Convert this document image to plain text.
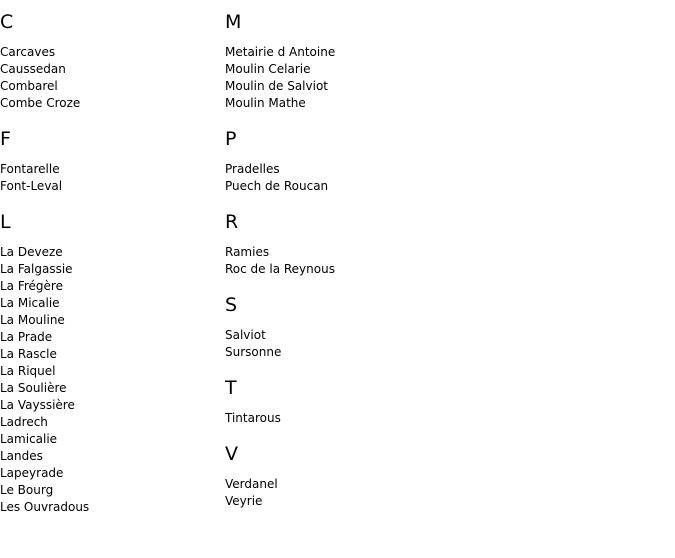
C
Carcaves
Caussedan
Combarel
Combe Croze
F
Fontarelle
Font-Leval
L
La Deveze
La Falgassie
La Frégère
La Micalie
La Mouline
La Prade
La Rascle
La Riquel
La Soulière
La Vayssière
Ladrech
Lamicalie
Landes
Lapeyrade
Le Bourg
Les Ouvradous
M
Metairie d Antoine
Moulin Celarie
Moulin de Salviot
Moulin Mathe
P
Pradelles
Puech de Roucan
R
Ramies
Roc de la Reynous
S
Salviot
Sursonne
T
Tintarous
V
Verdanel
Veyrie
